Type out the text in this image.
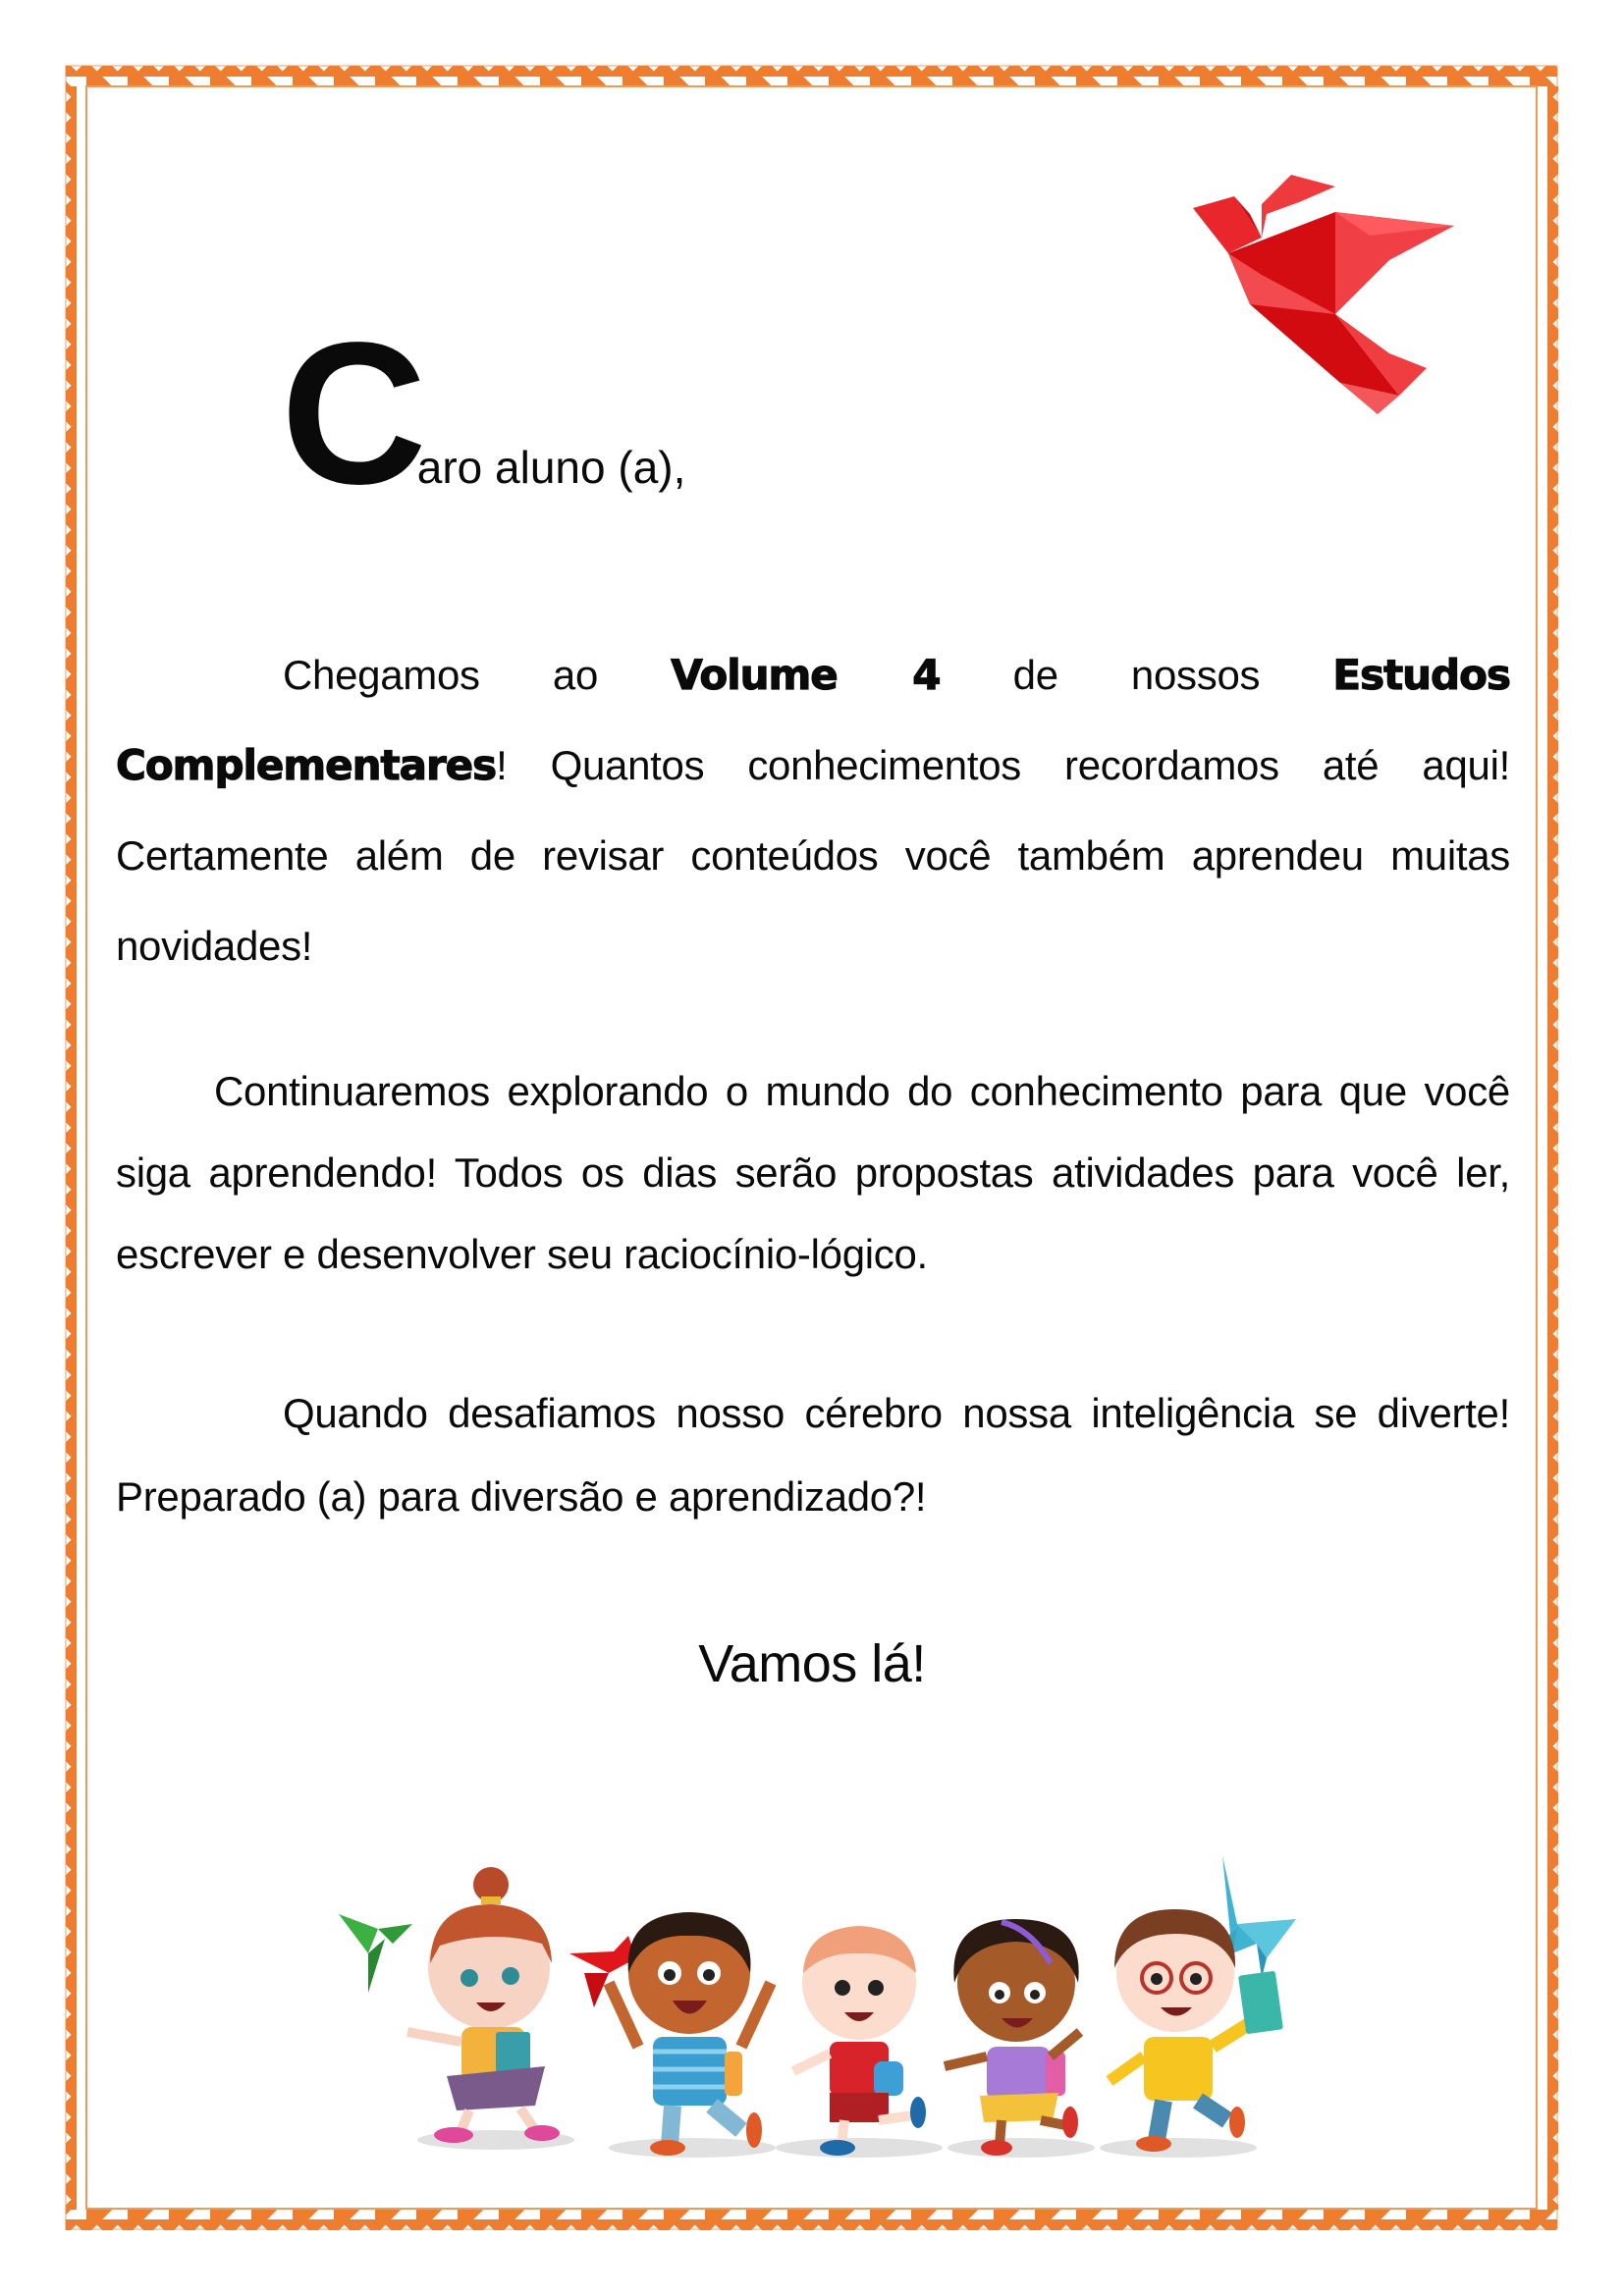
Caro aluno (a),

Chegamos ao Volume 4 de nossos Estudos Complementares! Quantos conhecimentos recordamos até aqui! Certamente além de revisar conteúdos você também aprendeu muitas novidades!

Continuaremos explorando o mundo do conhecimento para que você siga aprendendo! Todos os dias serão propostas atividades para você ler, escrever e desenvolver seu raciocínio-lógico.

Quando desafiamos nosso cérebro nossa inteligência se diverte! Preparado (a) para diversão e aprendizado?!

Vamos lá!
